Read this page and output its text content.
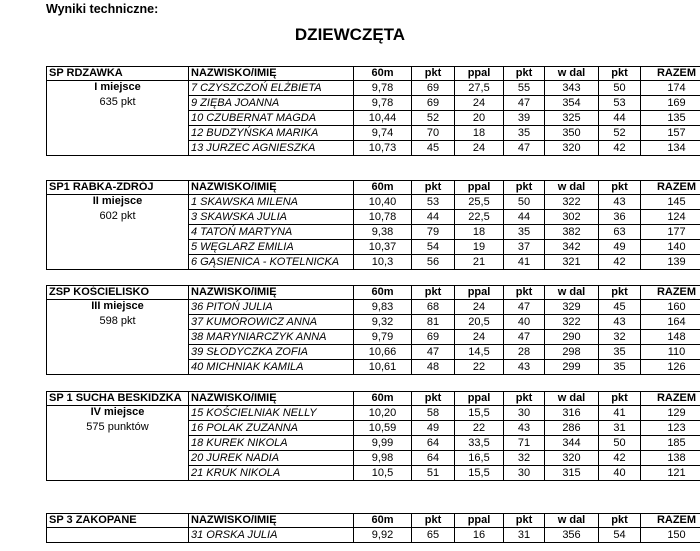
Wyniki techniczne:
DZIEWCZĘTA
SP RDZAWKA	NAZWISKO/IMIĘ	60m	pkt	ppal	pkt	w dal	pkt	RAZEM

I miejsce
635 pkt	7 CZYSZCZOŃ ELŻBIETA	9,78	69	27,5	55	343	50	174
	9 ZIĘBA JOANNA	9,78	69	24	47	354	53	169
	10 CZUBERNAT MAGDA	10,44	52	20	39	325	44	135
	12 BUDZYŃSKA MARIKA	9,74	70	18	35	350	52	157
	13 JURZEC AGNIESZKA	10,73	45	24	47	320	42	134
SP1 RABKA-ZDRÓJ	NAZWISKO/IMIĘ	60m	pkt	ppal	pkt	w dal	pkt	RAZEM

II miejsce
602 pkt	1 SKAWSKA MILENA	10,40	53	25,5	50	322	43	145
	3 SKAWSKA JULIA	10,78	44	22,5	44	302	36	124
	4 TATOŃ MARTYNA	9,38	79	18	35	382	63	177
	5 WĘGLARZ EMILIA	10,37	54	19	37	342	49	140
	6 GĄSIENICA - KOTELNICKA	10,3	56	21	41	321	42	139
ZSP KOŚCIELISKO	NAZWISKO/IMIĘ	60m	pkt	ppal	pkt	w dal	pkt	RAZEM

III miejsce
598 pkt	36 PITOŃ JULIA	9,83	68	24	47	329	45	160
	37 KUMOROWICZ ANNA	9,32	81	20,5	40	322	43	164
	38 MARYNIARCZYK ANNA	9,79	69	24	47	290	32	148
	39 SŁODYCZKA ZOFIA	10,66	47	14,5	28	298	35	110
	40 MICHNIAK KAMILA	10,61	48	22	43	299	35	126
SP 1 SUCHA BESKIDZKA	NAZWISKO/IMIĘ	60m	pkt	ppal	pkt	w dal	pkt	RAZEM

IV miejsce
575 punktów	15 KOŚCIELNIAK NELLY	10,20	58	15,5	30	316	41	129
	16 POLAK ZUZANNA	10,59	49	22	43	286	31	123
	18 KUREK NIKOLA	9,99	64	33,5	71	344	50	185
	20 JUREK NADIA	9,98	64	16,5	32	320	42	138
	21 KRUK NIKOLA	10,5	51	15,5	30	315	40	121
SP 3 ZAKOPANE	NAZWISKO/IMIĘ	60m	pkt	ppal	pkt	w dal	pkt	RAZEM
	31 ORSKA JULIA	9,92	65	16	31	356	54	150
